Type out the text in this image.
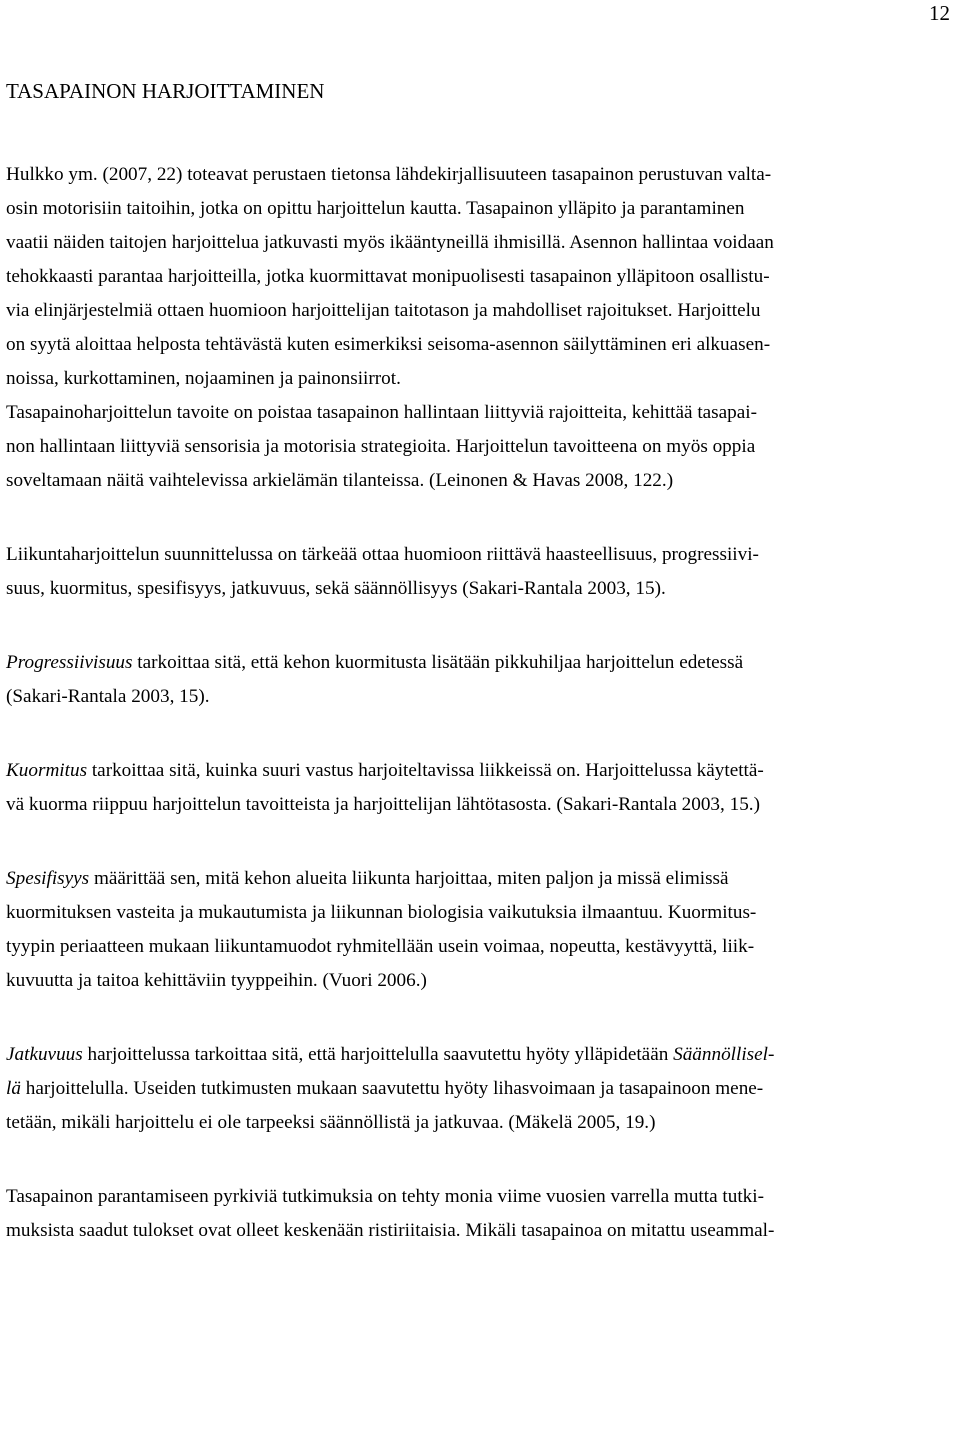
12
TASAPAINON HARJOITTAMINEN

Hulkko ym. (2007, 22) toteavat perustaen tietonsa lähdekirjallisuuteen tasapainon perustuvan valta-
osin motorisiin taitoihin, jotka on opittu harjoittelun kautta. Tasapainon ylläpito ja parantaminen
vaatii näiden taitojen harjoittelua jatkuvasti myös ikääntyneillä ihmisillä. Asennon hallintaa voidaan
tehokkaasti parantaa harjoitteilla, jotka kuormittavat monipuolisesti tasapainon ylläpitoon osallistu-
via elinjärjestelmiä ottaen huomioon harjoittelijan taitotason ja mahdolliset rajoitukset. Harjoittelu
on syytä aloittaa helposta tehtävästä kuten esimerkiksi seisoma-asennon säilyttäminen eri alkuasen-
noissa, kurkottaminen, nojaaminen ja painonsiirrot.
Tasapainoharjoittelun tavoite on poistaa tasapainon hallintaan liittyviä rajoitteita, kehittää tasapai-
non hallintaan liittyviä sensorisia ja motorisia strategioita. Harjoittelun tavoitteena on myös oppia
soveltamaan näitä vaihtelevissa arkielämän tilanteissa. (Leinonen & Havas 2008, 122.)

Liikuntaharjoittelun suunnittelussa on tärkeää ottaa huomioon riittävä haasteellisuus, progressiivi-
suus, kuormitus, spesifisyys, jatkuvuus, sekä säännöllisyys (Sakari-Rantala 2003, 15).

Progressiivisuus tarkoittaa sitä, että kehon kuormitusta lisätään pikkuhiljaa harjoittelun edetessä
(Sakari-Rantala 2003, 15).

Kuormitus tarkoittaa sitä, kuinka suuri vastus harjoiteltavissa liikkeissä on. Harjoittelussa käytettä-
vä kuorma riippuu harjoittelun tavoitteista ja harjoittelijan lähtötasosta. (Sakari-Rantala 2003, 15.)

Spesifisyys määrittää sen, mitä kehon alueita liikunta harjoittaa, miten paljon ja missä elimissä
kuormituksen vasteita ja mukautumista ja liikunnan biologisia vaikutuksia ilmaantuu. Kuormitus-
tyypin periaatteen mukaan liikuntamuodot ryhmitellään usein voimaa, nopeutta, kestävyyttä, liik-
kuvuutta ja taitoa kehittäviin tyyppeihin. (Vuori 2006.)

Jatkuvuus harjoittelussa tarkoittaa sitä, että harjoittelulla saavutettu hyöty ylläpidetään Säännöllisel-
lä harjoittelulla. Useiden tutkimusten mukaan saavutettu hyöty lihasvoimaan ja tasapainoon mene-
tetään, mikäli harjoittelu ei ole tarpeeksi säännöllistä ja jatkuvaa. (Mäkelä 2005, 19.)

Tasapainon parantamiseen pyrkiviä tutkimuksia on tehty monia viime vuosien varrella mutta tutki-
muksista saadut tulokset ovat olleet keskenään ristiriitaisia. Mikäli tasapainoa on mitattu useammal-
